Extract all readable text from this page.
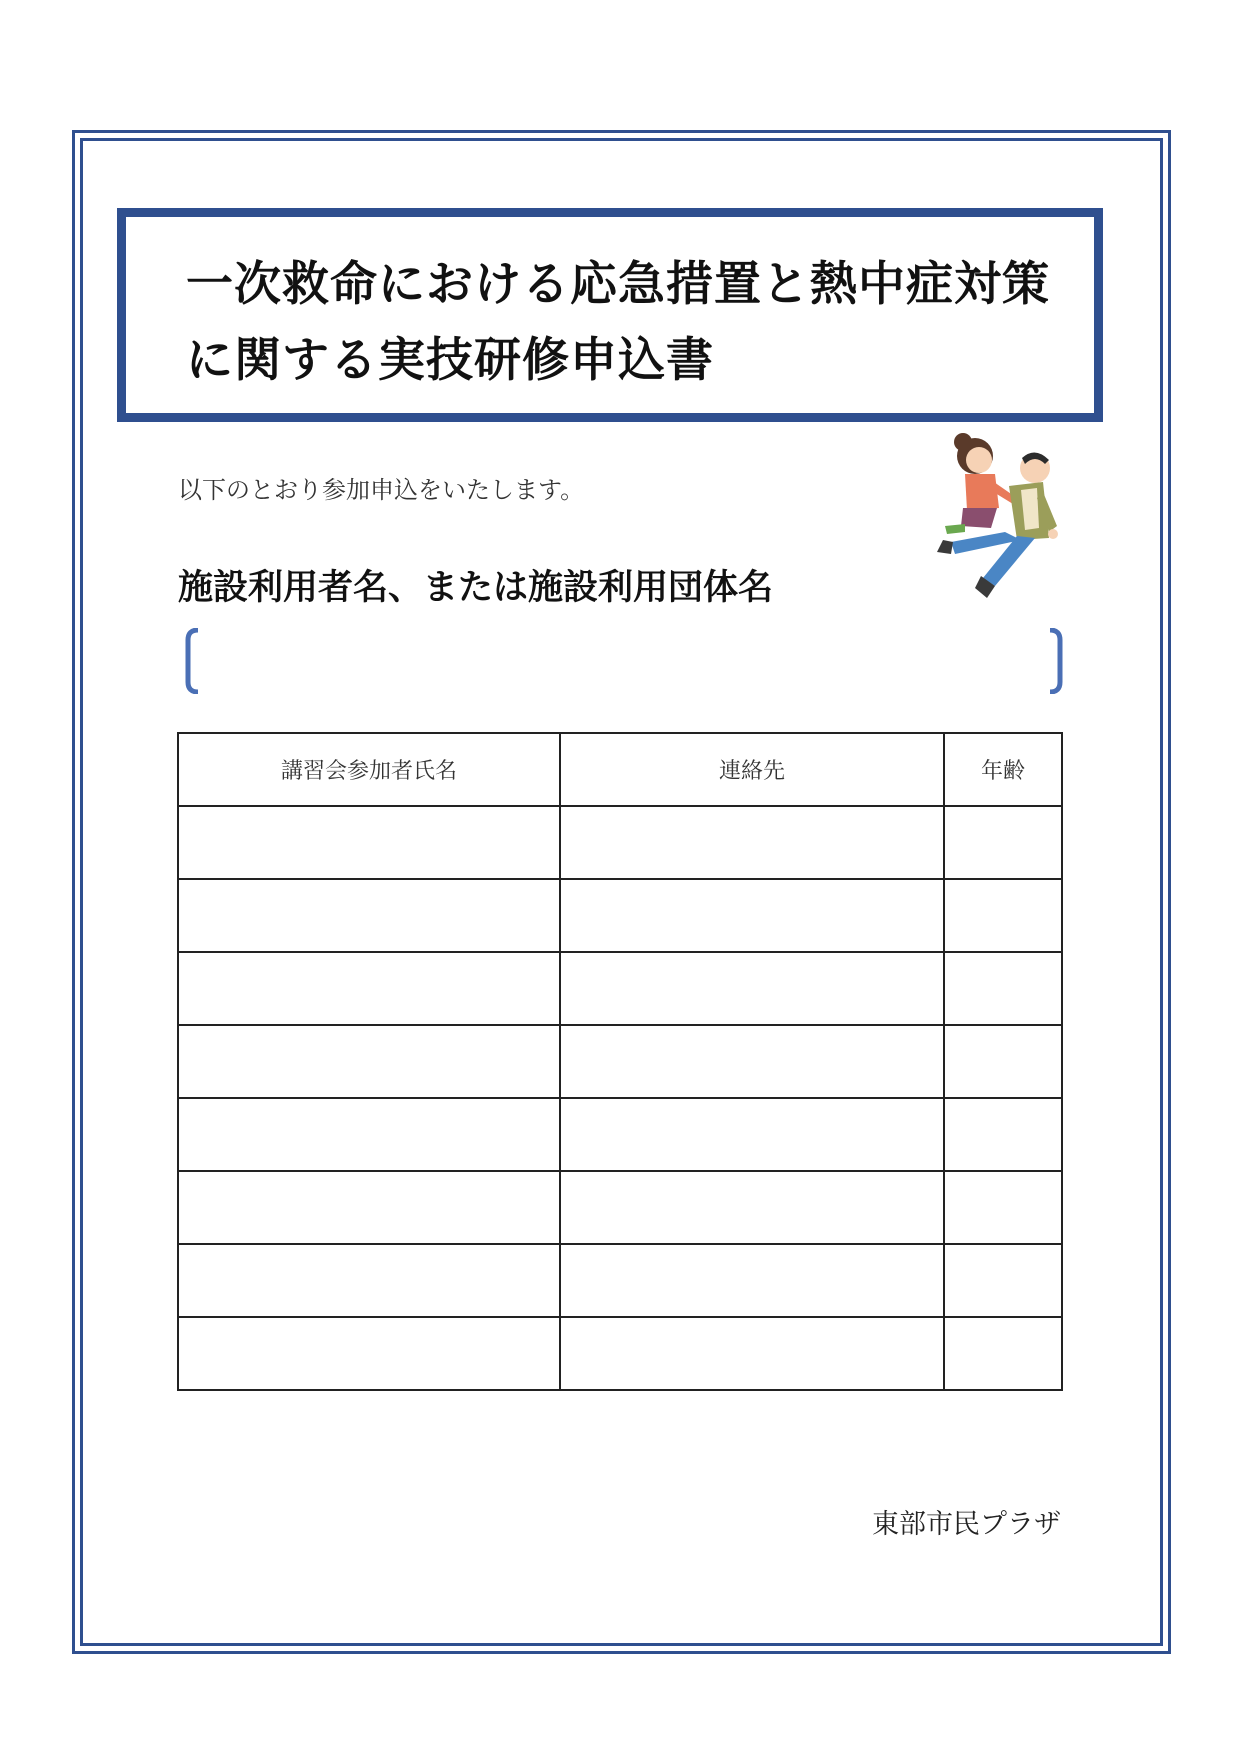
一次救命における応急措置と熱中症対策
に関する実技研修申込書

以下のとおり参加申込をいたします。

施設利用者名、または施設利用団体名

講習会参加者氏名	連絡先	年齢

東部市民プラザ
